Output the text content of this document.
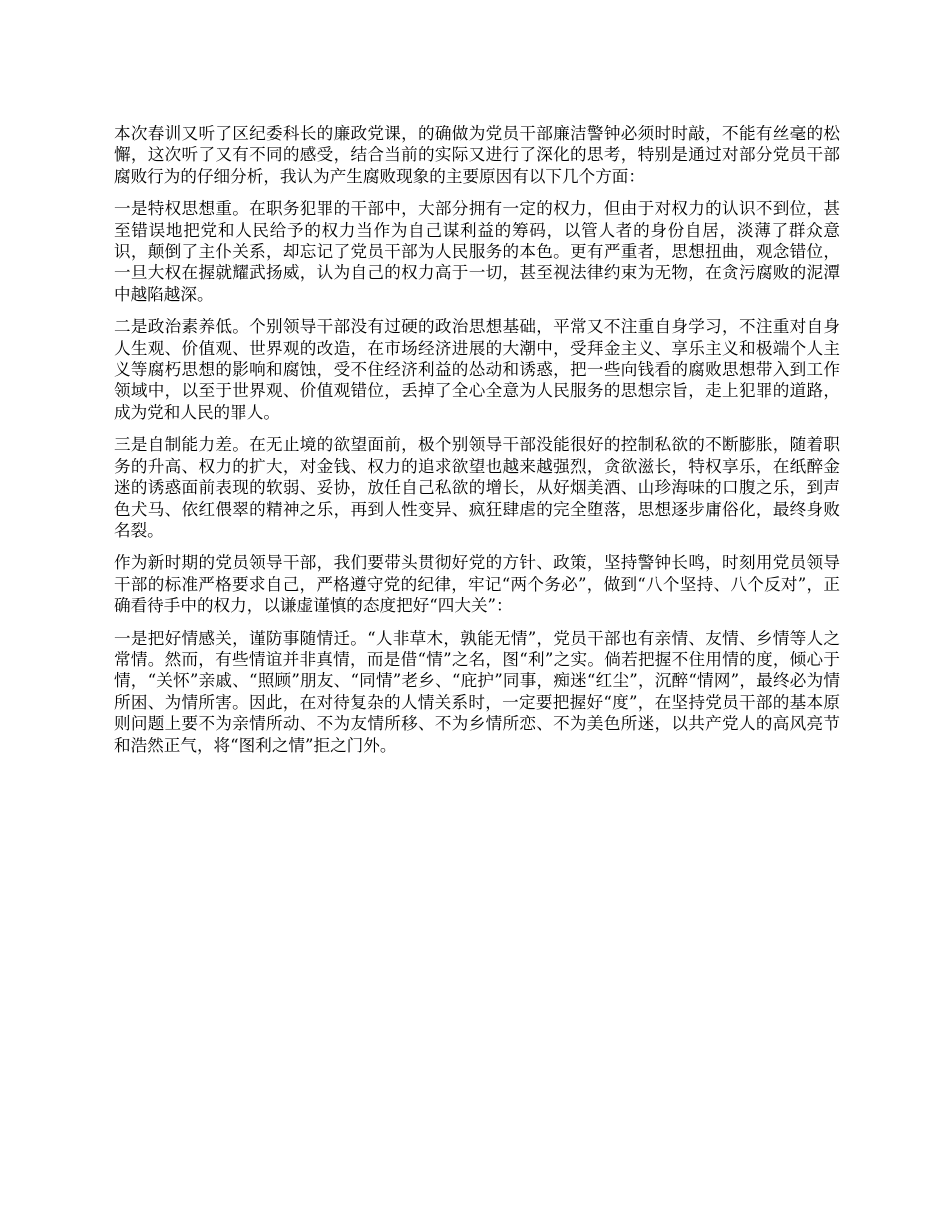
本次春训又听了区纪委科长的廉政党课，的确做为党员干部廉洁警钟必须时时敲，不能有丝毫的松懈，这次听了又有不同的感受，结合当前的实际又进行了深化的思考，特别是通过对部分党员干部腐败行为的仔细分析，我认为产生腐败现象的主要原因有以下几个方面：

一是特权思想重。在职务犯罪的干部中，大部分拥有一定的权力，但由于对权力的认识不到位，甚至错误地把党和人民给予的权力当作为自己谋利益的筹码，以管人者的身份自居，淡薄了群众意识，颠倒了主仆关系，却忘记了党员干部为人民服务的本色。更有严重者，思想扭曲，观念错位，一旦大权在握就耀武扬威，认为自己的权力高于一切，甚至视法律约束为无物，在贪污腐败的泥潭中越陷越深。

二是政治素养低。个别领导干部没有过硬的政治思想基础，平常又不注重自身学习，不注重对自身人生观、价值观、世界观的改造，在市场经济进展的大潮中，受拜金主义、享乐主义和极端个人主义等腐朽思想的影响和腐蚀，受不住经济利益的怂动和诱惑，把一些向钱看的腐败思想带入到工作领域中，以至于世界观、价值观错位，丢掉了全心全意为人民服务的思想宗旨，走上犯罪的道路，成为党和人民的罪人。

三是自制能力差。在无止境的欲望面前，极个别领导干部没能很好的控制私欲的不断膨胀，随着职务的升高、权力的扩大，对金钱、权力的追求欲望也越来越强烈，贪欲滋长，特权享乐，在纸醉金迷的诱惑面前表现的软弱、妥协，放任自己私欲的增长，从好烟美酒、山珍海味的口腹之乐，到声色犬马、依红偎翠的精神之乐，再到人性变异、疯狂肆虐的完全堕落，思想逐步庸俗化，最终身败名裂。

作为新时期的党员领导干部，我们要带头贯彻好党的方针、政策，坚持警钟长鸣，时刻用党员领导干部的标准严格要求自己，严格遵守党的纪律，牢记“两个务必”，做到“八个坚持、八个反对”，正确看待手中的权力，以谦虚谨慎的态度把好“四大关”：

一是把好情感关，谨防事随情迁。“人非草木，孰能无情”，党员干部也有亲情、友情、乡情等人之常情。然而，有些情谊并非真情，而是借“情”之名，图“利”之实。倘若把握不住用情的度，倾心于情，“关怀”亲戚、“照顾”朋友、“同情”老乡、“庇护”同事，痴迷“红尘”，沉醉“情网”，最终必为情所困、为情所害。因此，在对待复杂的人情关系时，一定要把握好“度”，在坚持党员干部的基本原则问题上要不为亲情所动、不为友情所移、不为乡情所恋、不为美色所迷，以共产党人的高风亮节和浩然正气，将“图利之情”拒之门外。
